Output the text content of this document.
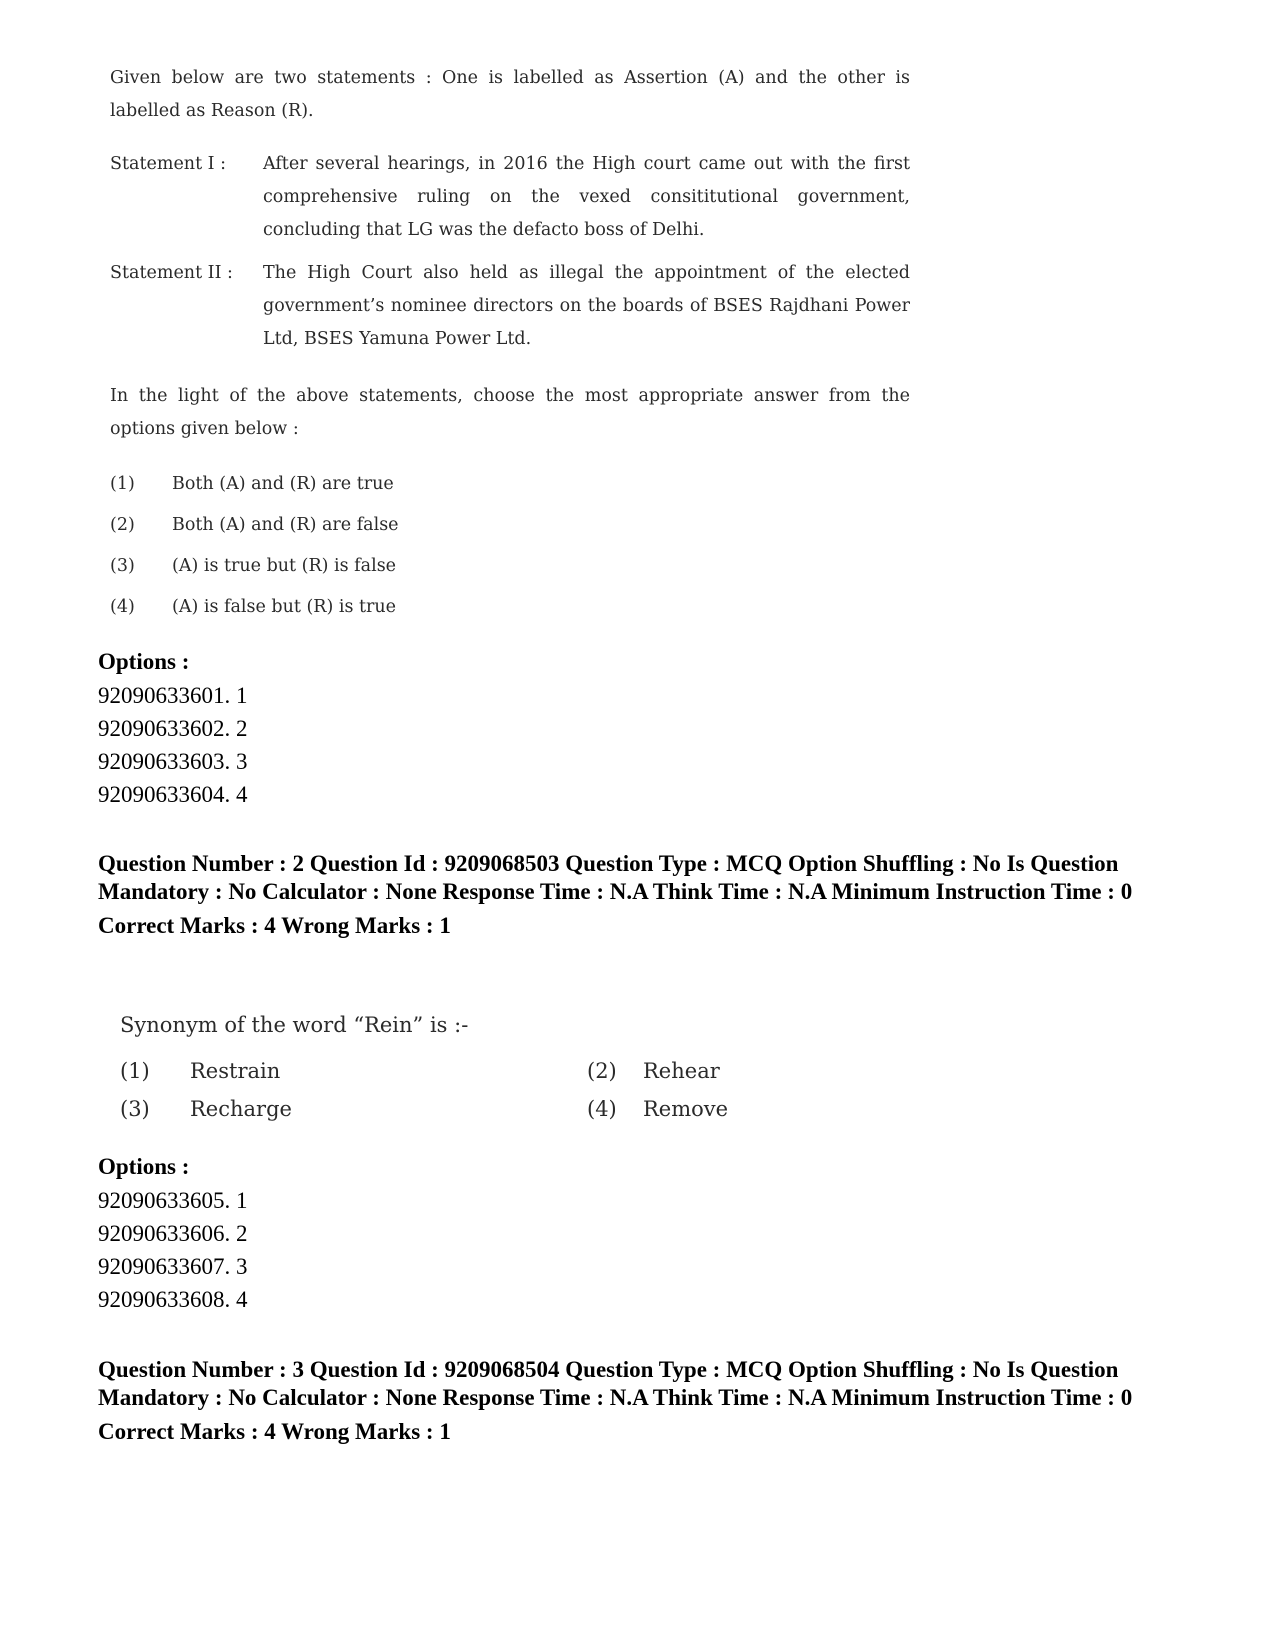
Given below are two statements : One is labelled as Assertion (A) and the other is labelled as Reason (R).

Statement I :	After several hearings, in 2016 the High court came out with the first comprehensive ruling on the vexed consititutional government, concluding that LG was the defacto boss of Delhi.
Statement II :	The High Court also held as illegal the appointment of the elected government’s nominee directors on the boards of BSES Rajdhani Power Ltd, BSES Yamuna Power Ltd.

In the light of the above statements, choose the most appropriate answer from the options given below :

(1)	Both (A) and (R) are true
(2)	Both (A) and (R) are false
(3)	(A) is true but (R) is false
(4)	(A) is false but (R) is true
Options :
92090633601. 1
92090633602. 2
92090633603. 3
92090633604. 4
Question Number : 2 Question Id : 9209068503 Question Type : MCQ Option Shuffling : No Is Question Mandatory : No Calculator : None Response Time : N.A Think Time : N.A Minimum Instruction Time : 0
Correct Marks : 4 Wrong Marks : 1
Synonym of the word “Rein” is :-
(1)	Restrain	(2)	Rehear
(3)	Recharge	(4)	Remove
Options :
92090633605. 1
92090633606. 2
92090633607. 3
92090633608. 4
Question Number : 3 Question Id : 9209068504 Question Type : MCQ Option Shuffling : No Is Question Mandatory : No Calculator : None Response Time : N.A Think Time : N.A Minimum Instruction Time : 0
Correct Marks : 4 Wrong Marks : 1
